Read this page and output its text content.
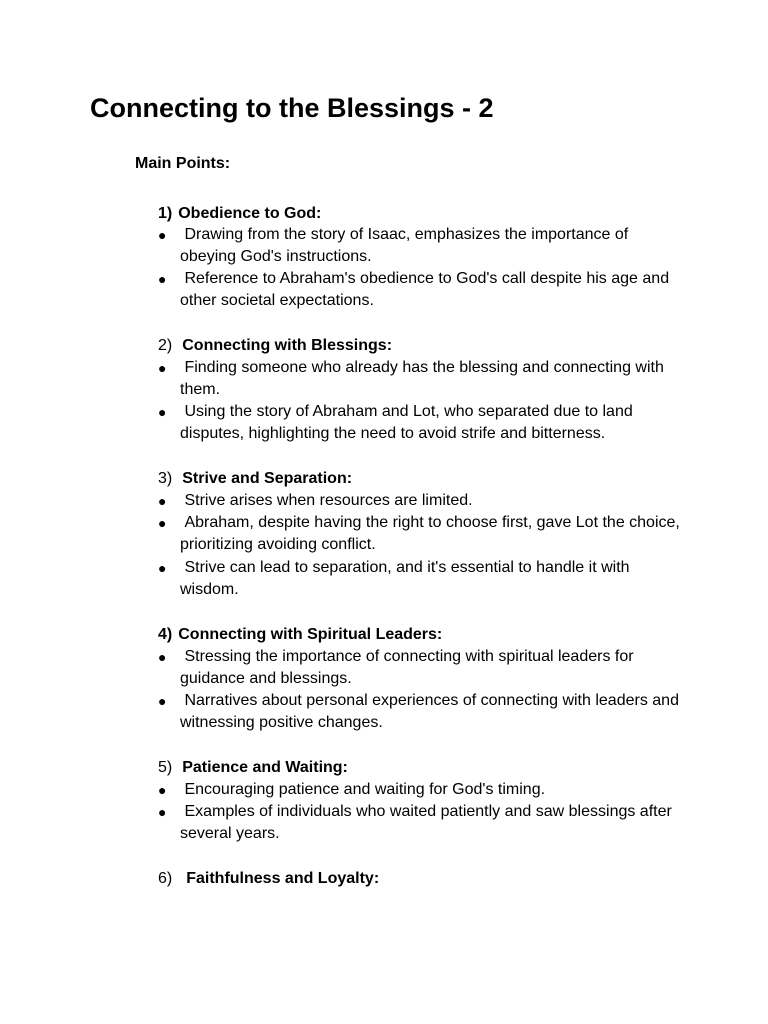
Connecting to the Blessings - 2
Main Points:
1) Obedience to God:
● Drawing from the story of Isaac, emphasizes the importance of obeying God's instructions.
● Reference to Abraham's obedience to God's call despite his age and other societal expectations.
2) Connecting with Blessings:
● Finding someone who already has the blessing and connecting with them.
● Using the story of Abraham and Lot, who separated due to land disputes, highlighting the need to avoid strife and bitterness.
3) Strive and Separation:
● Strive arises when resources are limited.
● Abraham, despite having the right to choose first, gave Lot the choice, prioritizing avoiding conflict.
● Strive can lead to separation, and it's essential to handle it with wisdom.
4) Connecting with Spiritual Leaders:
● Stressing the importance of connecting with spiritual leaders for guidance and blessings.
● Narratives about personal experiences of connecting with leaders and witnessing positive changes.
5) Patience and Waiting:
● Encouraging patience and waiting for God's timing.
● Examples of individuals who waited patiently and saw blessings after several years.
6) Faithfulness and Loyalty:
